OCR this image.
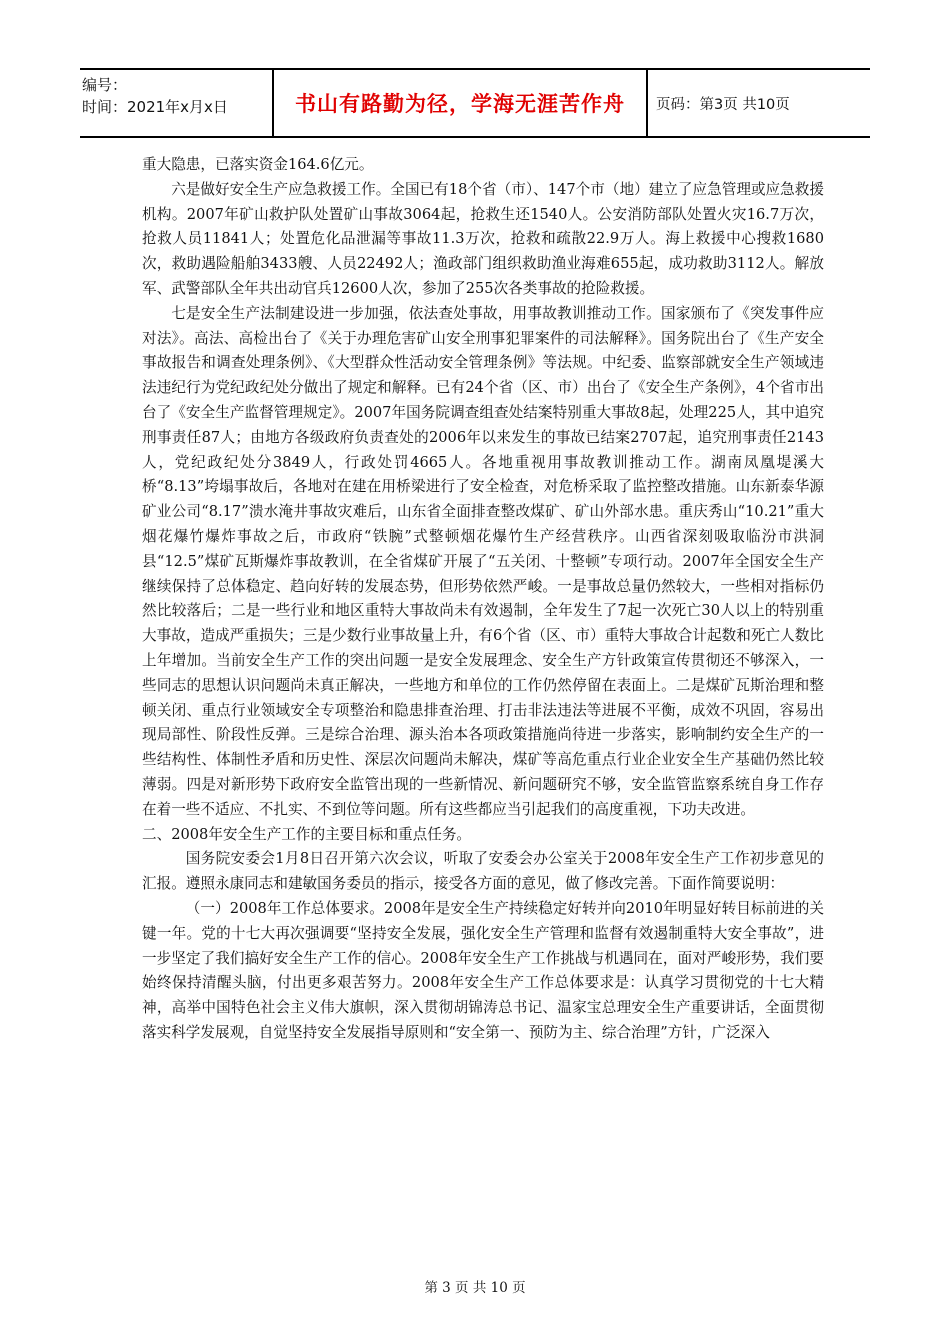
编号：
时间：2021年x月x日	书山有路勤为径，学海无涯苦作舟	页码：第3页 共10页

重大隐患，已落实资金164.6亿元。

六是做好安全生产应急救援工作。全国已有18个省（市）、147个市（地）建立了应急管理或应急救援机构。2007年矿山救护队处置矿山事故3064起，抢救生还1540人。公安消防部队处置火灾16.7万次，抢救人员11841人；处置危化品泄漏等事故11.3万次，抢救和疏散22.9万人。海上救援中心搜救1680次，救助遇险船舶3433艘、人员22492人；渔政部门组织救助渔业海难655起，成功救助3112人。解放军、武警部队全年共出动官兵12600人次，参加了255次各类事故的抢险救援。

七是安全生产法制建设进一步加强，依法查处事故，用事故教训推动工作。国家颁布了《突发事件应对法》。高法、高检出台了《关于办理危害矿山安全刑事犯罪案件的司法解释》。国务院出台了《生产安全事故报告和调查处理条例》、《大型群众性活动安全管理条例》等法规。中纪委、监察部就安全生产领域违法违纪行为党纪政纪处分做出了规定和解释。已有24个省（区、市）出台了《安全生产条例》，4个省市出台了《安全生产监督管理规定》。2007年国务院调查组查处结案特别重大事故8起，处理225人，其中追究刑事责任87人；由地方各级政府负责查处的2006年以来发生的事故已结案2707起，追究刑事责任2143人，党纪政纪处分3849人，行政处罚4665人。各地重视用事故教训推动工作。湖南凤凰堤溪大桥“8.13”垮塌事故后，各地对在建在用桥梁进行了安全检查，对危桥采取了监控整改措施。山东新泰华源矿业公司“8.17”溃水淹井事故灾难后，山东省全面排查整改煤矿、矿山外部水患。重庆秀山“10.21”重大烟花爆竹爆炸事故之后，市政府“铁腕”式整顿烟花爆竹生产经营秩序。山西省深刻吸取临汾市洪洞县“12.5”煤矿瓦斯爆炸事故教训，在全省煤矿开展了“五关闭、十整顿”专项行动。2007年全国安全生产继续保持了总体稳定、趋向好转的发展态势，但形势依然严峻。一是事故总量仍然较大，一些相对指标仍然比较落后；二是一些行业和地区重特大事故尚未有效遏制，全年发生了7起一次死亡30人以上的特别重大事故，造成严重损失；三是少数行业事故量上升，有6个省（区、市）重特大事故合计起数和死亡人数比上年增加。当前安全生产工作的突出问题一是安全发展理念、安全生产方针政策宣传贯彻还不够深入，一些同志的思想认识问题尚未真正解决，一些地方和单位的工作仍然停留在表面上。二是煤矿瓦斯治理和整顿关闭、重点行业领域安全专项整治和隐患排查治理、打击非法违法等进展不平衡，成效不巩固，容易出现局部性、阶段性反弹。三是综合治理、源头治本各项政策措施尚待进一步落实，影响制约安全生产的一些结构性、体制性矛盾和历史性、深层次问题尚未解决，煤矿等高危重点行业企业安全生产基础仍然比较薄弱。四是对新形势下政府安全监管出现的一些新情况、新问题研究不够，安全监管监察系统自身工作存在着一些不适应、不扎实、不到位等问题。所有这些都应当引起我们的高度重视，下功夫改进。

二、2008年安全生产工作的主要目标和重点任务。

国务院安委会1月8日召开第六次会议，听取了安委会办公室关于2008年安全生产工作初步意见的汇报。遵照永康同志和建敏国务委员的指示，接受各方面的意见，做了修改完善。下面作简要说明：

（一）2008年工作总体要求。2008年是安全生产持续稳定好转并向2010年明显好转目标前进的关键一年。党的十七大再次强调要“坚持安全发展，强化安全生产管理和监督有效遏制重特大安全事故”，进一步坚定了我们搞好安全生产工作的信心。2008年安全生产工作挑战与机遇同在，面对严峻形势，我们要始终保持清醒头脑，付出更多艰苦努力。2008年安全生产工作总体要求是：认真学习贯彻党的十七大精神，高举中国特色社会主义伟大旗帜，深入贯彻胡锦涛总书记、温家宝总理安全生产重要讲话，全面贯彻落实科学发展观，自觉坚持安全发展指导原则和“安全第一、预防为主、综合治理”方针，广泛深入

第 3 页 共 10 页
